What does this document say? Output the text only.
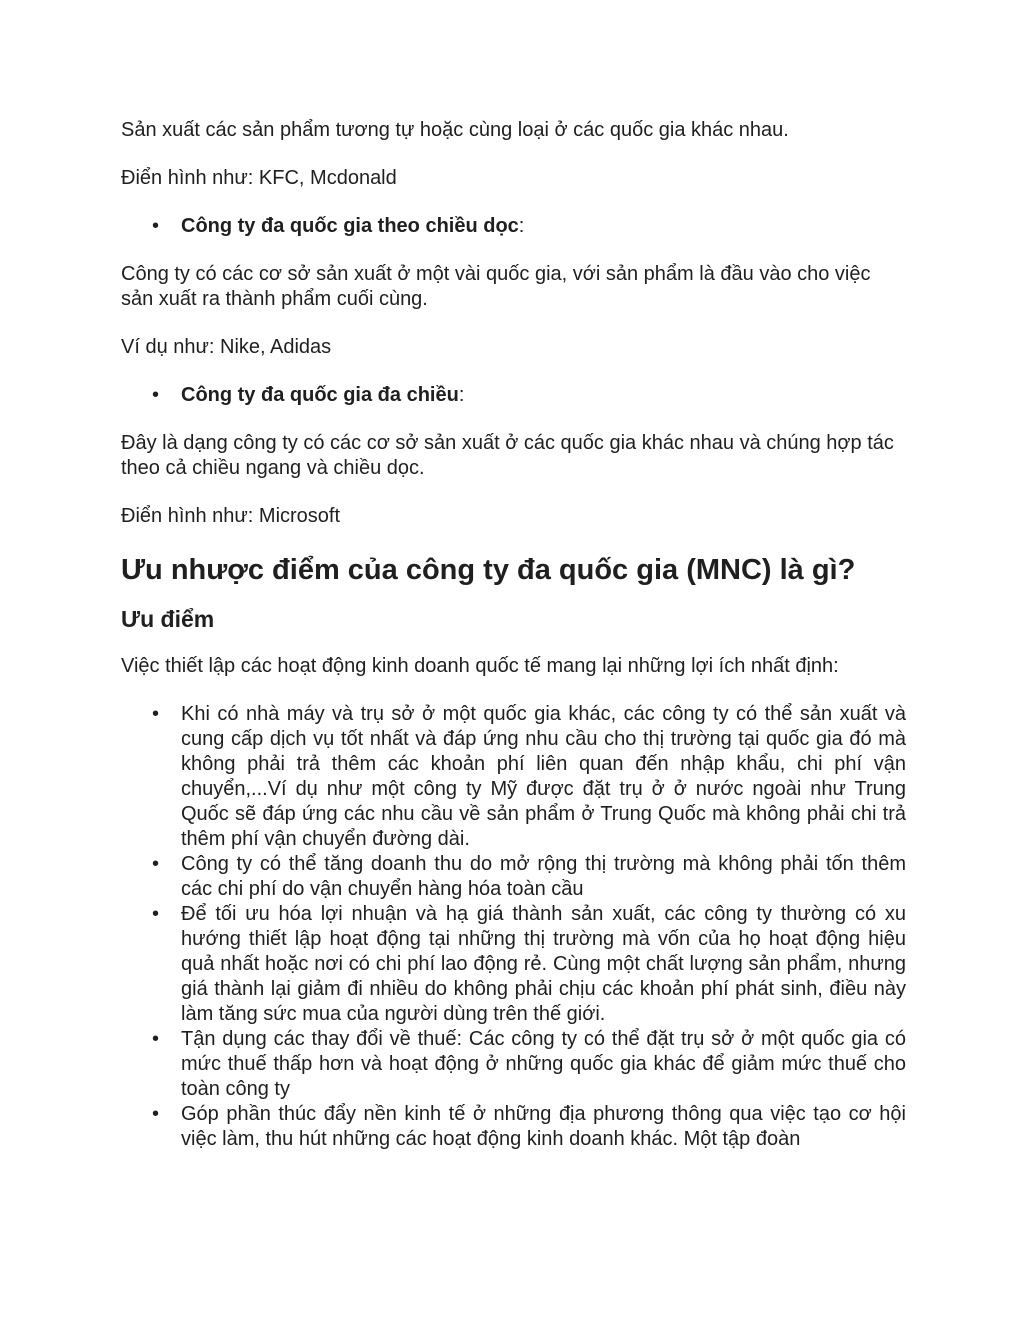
Sản xuất các sản phẩm tương tự hoặc cùng loại ở các quốc gia khác nhau.

Điển hình như: KFC, Mcdonald

• Công ty đa quốc gia theo chiều dọc:

Công ty có các cơ sở sản xuất ở một vài quốc gia, với sản phẩm là đầu vào cho việc sản xuất ra thành phẩm cuối cùng.

Ví dụ như: Nike, Adidas

• Công ty đa quốc gia đa chiều:

Đây là dạng công ty có các cơ sở sản xuất ở các quốc gia khác nhau và chúng hợp tác theo cả chiều ngang và chiều dọc.

Điển hình như: Microsoft

Ưu nhược điểm của công ty đa quốc gia (MNC) là gì?
Ưu điểm

Việc thiết lập các hoạt động kinh doanh quốc tế mang lại những lợi ích nhất định:

• Khi có nhà máy và trụ sở ở một quốc gia khác, các công ty có thể sản xuất và cung cấp dịch vụ tốt nhất và đáp ứng nhu cầu cho thị trường tại quốc gia đó mà không phải trả thêm các khoản phí liên quan đến nhập khẩu, chi phí vận chuyển,...Ví dụ như một công ty Mỹ được đặt trụ ở ở nước ngoài như Trung Quốc sẽ đáp ứng các nhu cầu về sản phẩm ở Trung Quốc mà không phải chi trả thêm phí vận chuyển đường dài.
• Công ty có thể tăng doanh thu do mở rộng thị trường mà không phải tốn thêm các chi phí do vận chuyển hàng hóa toàn cầu
• Để tối ưu hóa lợi nhuận và hạ giá thành sản xuất, các công ty thường có xu hướng thiết lập hoạt động tại những thị trường mà vốn của họ hoạt động hiệu quả nhất hoặc nơi có chi phí lao động rẻ. Cùng một chất lượng sản phẩm, nhưng giá thành lại giảm đi nhiều do không phải chịu các khoản phí phát sinh, điều này làm tăng sức mua của người dùng trên thế giới.
• Tận dụng các thay đổi về thuế: Các công ty có thể đặt trụ sở ở một quốc gia có mức thuế thấp hơn và hoạt động ở những quốc gia khác để giảm mức thuế cho toàn công ty
• Góp phần thúc đẩy nền kinh tế ở những địa phương thông qua việc tạo cơ hội việc làm, thu hút những các hoạt động kinh doanh khác. Một tập đoàn
